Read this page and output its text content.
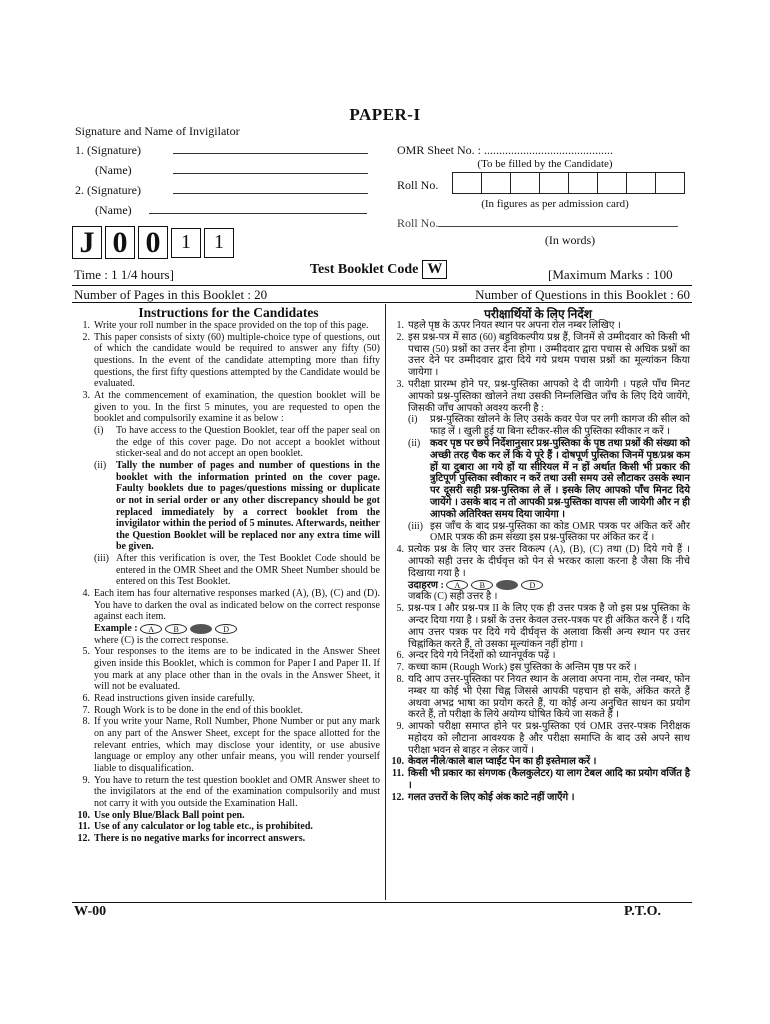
PAPER-I
Signature and Name of Invigilator
1. (Signature)
(Name)
2. (Signature)
(Name)
OMR Sheet No. : ...........................................
(To be filled by the Candidate)
Roll No.
(In figures as per admission card)
Roll No.
(In words)
J 0 0	1	1
Time : 1 1/4 hours]	Test Booklet Code W	[Maximum Marks : 100
Number of Pages in this Booklet : 20	Number of Questions in this Booklet : 60
Instructions for the Candidates	परीक्षार्थियों के लिए निर्देश
1. Write your roll number in the space provided on the top of this page.
2. This paper consists of sixty (60) multiple-choice type of questions, out of which the candidate would be required to answer any fifty (50) questions. In the event of the candidate attempting more than fifty questions, the first fifty questions attempted by the Candidate would be evaluated.
3. At the commencement of examination, the question booklet will be given to you. In the first 5 minutes, you are requested to open the booklet and compulsorily examine it as below :
(i)	To have access to the Question Booklet, tear off the paper seal on the edge of this cover page. Do not accept a booklet without sticker-seal and do not accept an open booklet.
(ii) Tally the number of pages and number of questions in the booklet with the information printed on the cover page. Faulty booklets due to pages/questions missing or duplicate or not in serial order or any other discrepancy should be got replaced immediately by a correct booklet from the invigilator within the period of 5 minutes. Afterwards, neither the Question Booklet will be replaced nor any extra time will be given.
(iii) After this verification is over, the Test Booklet Code should be entered in the OMR Sheet and the OMR Sheet Number should be entered on this Test Booklet.
4. Each item has four alternative responses marked (A), (B), (C) and (D). You have to darken the oval as indicated below on the correct response against each item.
Example :	A	B	D
where (C) is the correct response.
5. Your responses to the items are to be indicated in the Answer Sheet given inside this Booklet, which is common for Paper I and Paper II. If you mark at any place other than in the ovals in the Answer Sheet, it will not be evaluated.
6. Read instructions given inside carefully.
7. Rough Work is to be done in the end of this booklet.
8. If you write your Name, Roll Number, Phone Number or put any mark on any part of the Answer Sheet, except for the space allotted for the relevant entries, which may disclose your identity, or use abusive language or employ any other unfair means, you will render yourself liable to disqualification.
9. You have to return the test question booklet and OMR Answer sheet to the invigilators at the end of the examination compulsorily and must not carry it with you outside the Examination Hall.
10. Use only Blue/Black Ball point pen.
11. Use of any calculator or log table etc., is prohibited.
12. There is no negative marks for incorrect answers.
1. पहले पृष्ठ के ऊपर नियत स्थान पर अपना रोल नम्बर लिखिए ।
2. इस प्रश्न-पत्र में साठ (60) बहुविकल्पीय प्रश्न हैं, जिनमें से उम्मीदवार को किसी भी पचास (50) प्रश्नों का उत्तर देना होगा । उम्मीदवार द्वारा पचास से अधिक प्रश्नों का उत्तर देने पर उम्मीदवार द्वारा दिये गये प्रथम पचास प्रश्नों का मूल्यांकन किया जायेगा ।
3. परीक्षा प्रारम्भ होने पर, प्रश्न-पुस्तिका आपको दे दी जायेगी । पहले पाँच मिनट आपको प्रश्न-पुस्तिका खोलने तथा उसकी निम्नलिखित जाँच के लिए दिये जायेंगे, जिसकी जाँच आपको अवश्य करनी है :
(i)	प्रश्न-पुस्तिका खोलने के लिए उसके कवर पेज पर लगी कागज की सील को फाड़ लें । खुली हुई या बिना स्टीकर-सील की पुस्तिका स्वीकार न करें ।
(ii) कवर पृष्ठ पर छपे निर्देशानुसार प्रश्न-पुस्तिका के पृष्ठ तथा प्रश्नों की संख्या को अच्छी तरह चैक कर लें कि ये पूरे हैं । दोषपूर्ण पुस्तिका जिनमें पृष्ठ/प्रश्न कम हों या दुबारा आ गये हों या सीरियल में न हों अर्थात किसी भी प्रकार की त्रुटिपूर्ण पुस्तिका स्वीकार न करें तथा उसी समय उसे लौटाकर उसके स्थान पर दूसरी सही प्रश्न-पुस्तिका ले लें । इसके लिए आपको पाँच मिनट दिये जायेंगे । उसके बाद न तो आपकी प्रश्न-पुस्तिका वापस ली जायेगी और न ही आपको अतिरिक्त समय दिया जायेगा ।
(iii) इस जाँच के बाद प्रश्न-पुस्तिका का कोड OMR पत्रक पर अंकित करें और OMR पत्रक की क्रम संख्या इस प्रश्न-पुस्तिका पर अंकित कर दें ।
4. प्रत्येक प्रश्न के लिए चार उत्तर विकल्प (A), (B), (C) तथा (D) दिये गये हैं । आपको सही उत्तर के दीर्घवृत्त को पेन से भरकर काला करना है जैसा कि नीचे दिखाया गया है ।
उदाहरण :	A	B	D
जबकि (C) सही उत्तर है ।
5. प्रश्न-पत्र I और प्रश्न-पत्र II के लिए एक ही उत्तर पत्रक है जो इस प्रश्न पुस्तिका के अन्दर दिया गया है । प्रश्नों के उत्तर केवल उत्तर-पत्रक पर ही अंकित करने हैं । यदि आप उत्तर पत्रक पर दिये गये दीर्घवृत्त के अलावा किसी अन्य स्थान पर उत्तर चिह्नांकित करते हैं, तो उसका मूल्यांकन नहीं होगा ।
6. अन्दर दिये गये निर्देशों को ध्यानपूर्वक पढ़ें ।
7. कच्चा काम (Rough Work) इस पुस्तिका के अन्तिम पृष्ठ पर करें ।
8. यदि आप उत्तर-पुस्तिका पर नियत स्थान के अलावा अपना नाम, रोल नम्बर, फोन नम्बर या कोई भी ऐसा चिह्न जिससे आपकी पहचान हो सके, अंकित करते हैं अथवा अभद्र भाषा का प्रयोग करते हैं, या कोई अन्य अनुचित साधन का प्रयोग करते हैं, तो परीक्षा के लिये अयोग्य घोषित किये जा सकते हैं ।
9. आपको परीक्षा समाप्त होने पर प्रश्न-पुस्तिका एवं OMR उत्तर-पत्रक निरीक्षक महोदय को लौटाना आवश्यक है और परीक्षा समाप्ति के बाद उसे अपने साथ परीक्षा भवन से बाहर न लेकर जायें ।
10. केवल नीले/काले बाल प्वाईंट पेन का ही इस्तेमाल करें ।
11. किसी भी प्रकार का संगणक (कैलकुलेटर) या लाग टेबल आदि का प्रयोग वर्जित है ।
12. गलत उत्तरों के लिए कोई अंक काटे नहीं जाएँगे ।
W-00	P.T.O.
